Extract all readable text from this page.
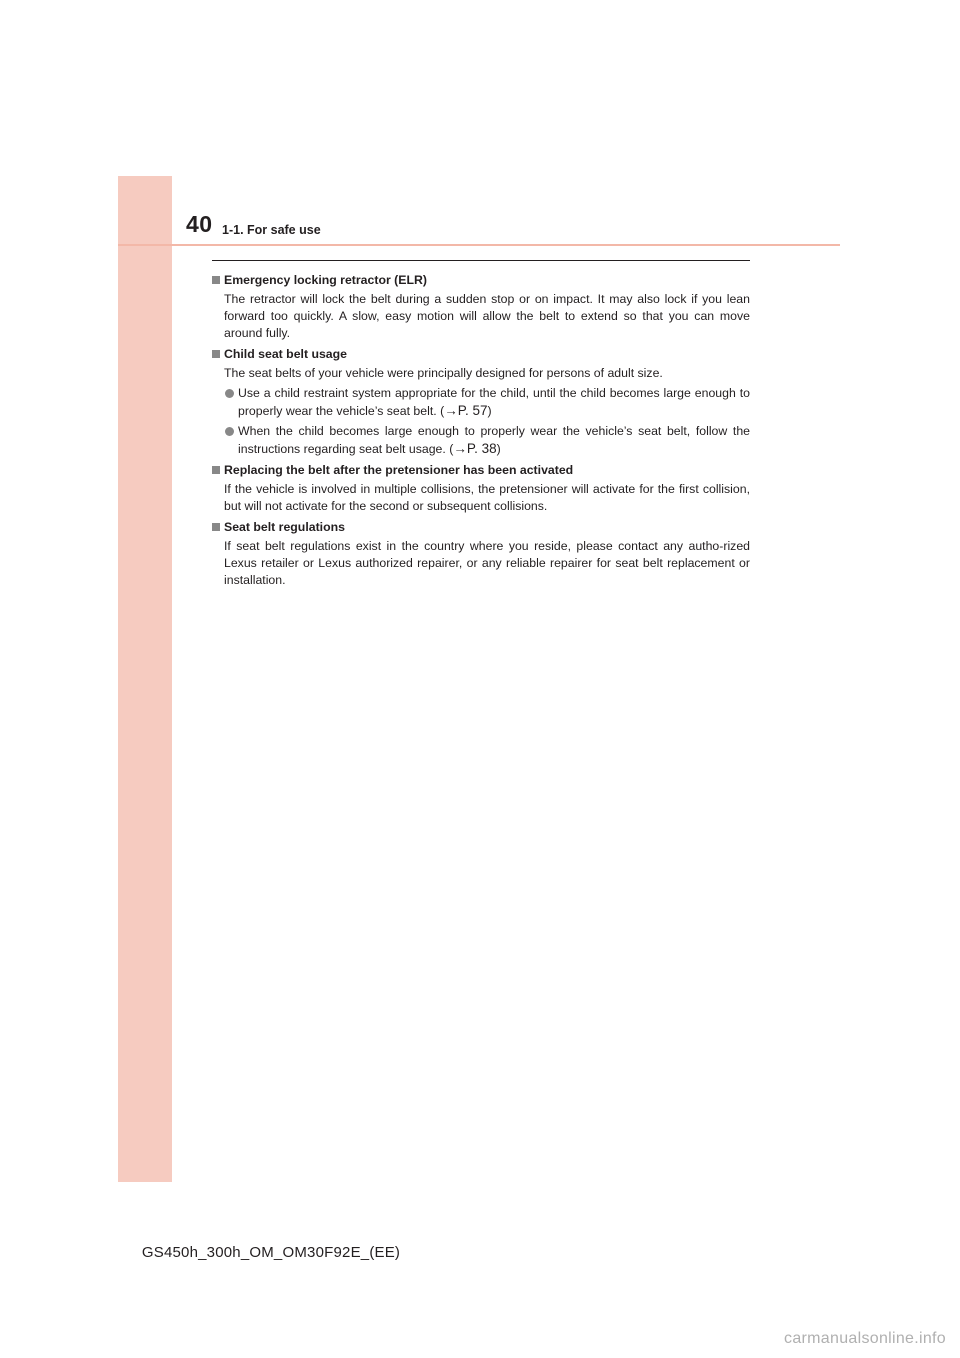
40 1-1. For safe use
Emergency locking retractor (ELR)

The retractor will lock the belt during a sudden stop or on impact. It may also lock if you lean forward too quickly. A slow, easy motion will allow the belt to extend so that you can move around fully.

Child seat belt usage

The seat belts of your vehicle were principally designed for persons of adult size.

Use a child restraint system appropriate for the child, until the child becomes large enough to properly wear the vehicle’s seat belt. (→P. 57)
When the child becomes large enough to properly wear the vehicle’s seat belt, follow the instructions regarding seat belt usage. (→P. 38)
Replacing the belt after the pretensioner has been activated

If the vehicle is involved in multiple collisions, the pretensioner will activate for the first collision, but will not activate for the second or subsequent collisions.

Seat belt regulations

If seat belt regulations exist in the country where you reside, please contact any autho-rized Lexus retailer or Lexus authorized repairer, or any reliable repairer for seat belt replacement or installation.

GS450h_300h_OM_OM30F92E_(EE)
carmanualsonline.info
